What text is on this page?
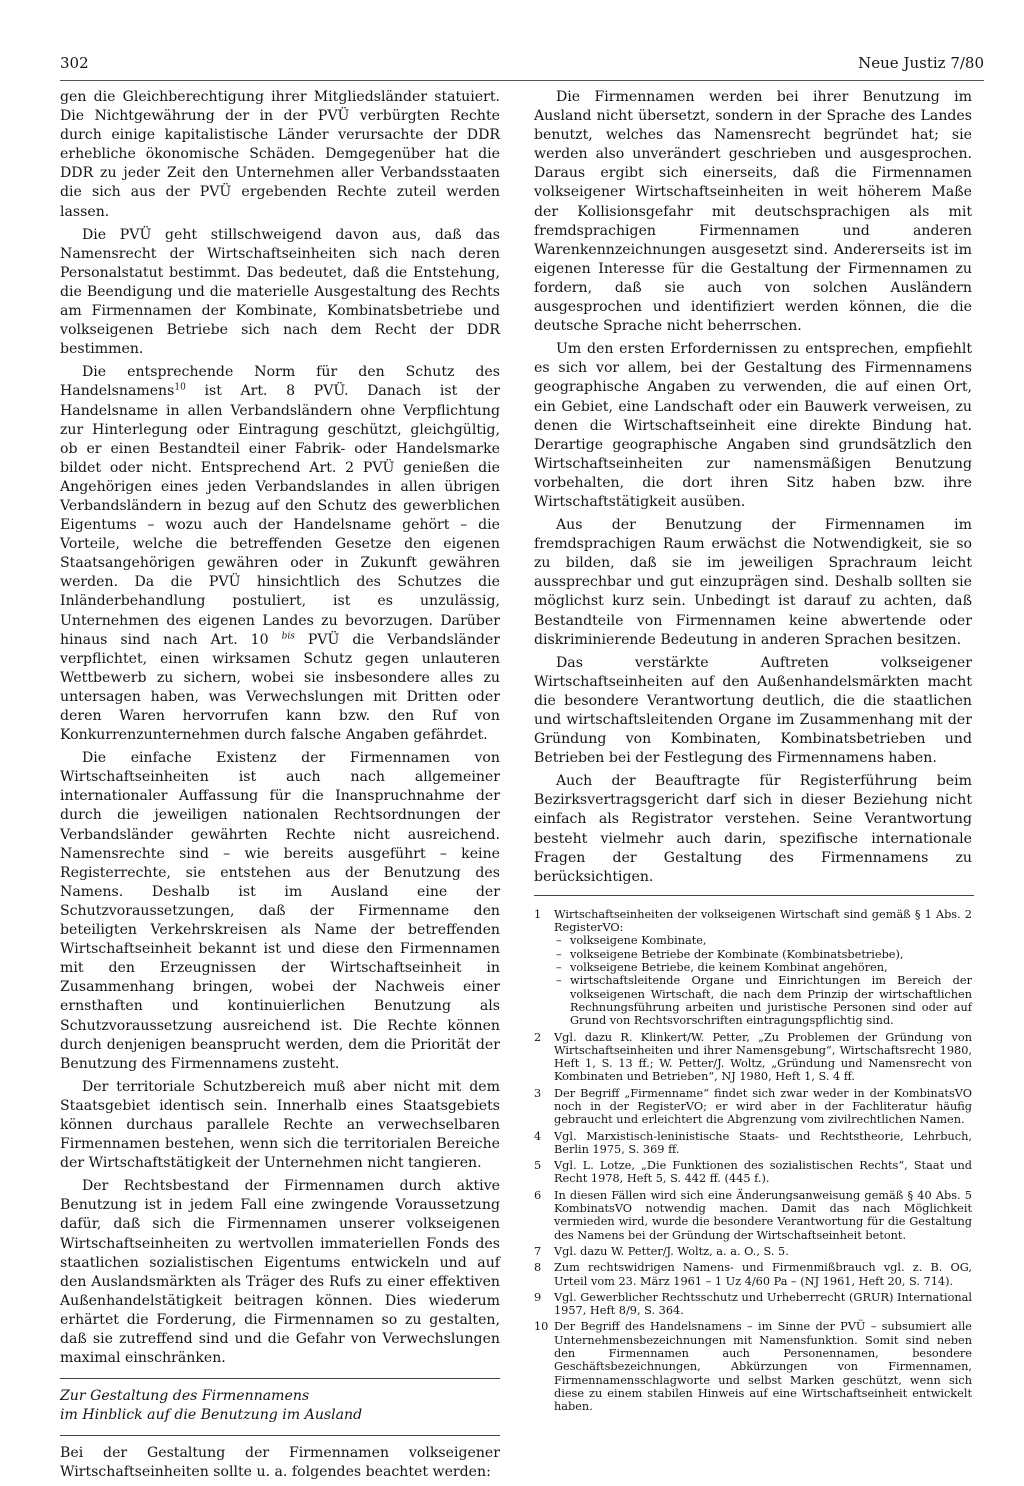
302	Neue Justiz 7/80

gen die Gleichberechtigung ihrer Mitgliedsländer statuiert. Die Nichtgewährung der in der PVÜ verbürgten Rechte durch einige kapitalistische Länder verursachte der DDR erhebliche ökonomische Schäden. Demgegenüber hat die DDR zu jeder Zeit den Unternehmen aller Verbandsstaaten die sich aus der PVÜ ergebenden Rechte zuteil werden lassen.

Die PVÜ geht stillschweigend davon aus, daß das Namensrecht der Wirtschaftseinheiten sich nach deren Personalstatut bestimmt. Das bedeutet, daß die Entstehung, die Beendigung und die materielle Ausgestaltung des Rechts am Firmennamen der Kombinate, Kombinatsbetriebe und volkseigenen Betriebe sich nach dem Recht der DDR bestimmen.

Die entsprechende Norm für den Schutz des Handelsnamens$^{10}$ ist Art. 8 PVÜ. Danach ist der Handelsname in allen Verbandsländern ohne Verpflichtung zur Hinterlegung oder Eintragung geschützt, gleichgültig, ob er einen Bestandteil einer Fabrik- oder Handelsmarke bildet oder nicht. Entsprechend Art. 2 PVÜ genießen die Angehörigen eines jeden Verbandslandes in allen übrigen Verbandsländern in bezug auf den Schutz des gewerblichen Eigentums – wozu auch der Handelsname gehört – die Vorteile, welche die betreffenden Gesetze den eigenen Staatsangehörigen gewähren oder in Zukunft gewähren werden. Da die PVÜ hinsichtlich des Schutzes die Inländerbehandlung postuliert, ist es unzulässig, Unternehmen des eigenen Landes zu bevorzugen. Darüber hinaus sind nach Art. 10 $^{bis}$ PVÜ die Verbandsländer verpflichtet, einen wirksamen Schutz gegen unlauteren Wettbewerb zu sichern, wobei sie insbesondere alles zu untersagen haben, was Verwechslungen mit Dritten oder deren Waren hervorrufen kann bzw. den Ruf von Konkurrenzunternehmen durch falsche Angaben gefährdet.

Die einfache Existenz der Firmennamen von Wirtschaftseinheiten ist auch nach allgemeiner internationaler Auffassung für die Inanspruchnahme der durch die jeweiligen nationalen Rechtsordnungen der Verbandsländer gewährten Rechte nicht ausreichend. Namensrechte sind – wie bereits ausgeführt – keine Registerrechte, sie entstehen aus der Benutzung des Namens. Deshalb ist im Ausland eine der Schutzvoraussetzungen, daß der Firmenname den beteiligten Verkehrskreisen als Name der betreffenden Wirtschaftseinheit bekannt ist und diese den Firmennamen mit den Erzeugnissen der Wirtschaftseinheit in Zusammenhang bringen, wobei der Nachweis einer ernsthaften und kontinuierlichen Benutzung als Schutzvoraussetzung ausreichend ist. Die Rechte können durch denjenigen beansprucht werden, dem die Priorität der Benutzung des Firmennamens zusteht.

Der territoriale Schutzbereich muß aber nicht mit dem Staatsgebiet identisch sein. Innerhalb eines Staatsgebiets können durchaus parallele Rechte an verwechselbaren Firmennamen bestehen, wenn sich die territorialen Bereiche der Wirtschaftstätigkeit der Unternehmen nicht tangieren.

Der Rechtsbestand der Firmennamen durch aktive Benutzung ist in jedem Fall eine zwingende Voraussetzung dafür, daß sich die Firmennamen unserer volkseigenen Wirtschaftseinheiten zu wertvollen immateriellen Fonds des staatlichen sozialistischen Eigentums entwickeln und auf den Auslandsmärkten als Träger des Rufs zu einer effektiven Außenhandelstätigkeit beitragen können. Dies wiederum erhärtet die Forderung, die Firmennamen so zu gestalten, daß sie zutreffend sind und die Gefahr von Verwechslungen maximal einschränken.

Zur Gestaltung des Firmennamens
im Hinblick auf die Benutzung im Ausland

Bei der Gestaltung der Firmennamen volkseigener Wirtschaftseinheiten sollte u. a. folgendes beachtet werden:

Die Firmennamen werden bei ihrer Benutzung im Ausland nicht übersetzt, sondern in der Sprache des Landes benutzt, welches das Namensrecht begründet hat; sie werden also unverändert geschrieben und ausgesprochen. Daraus ergibt sich einerseits, daß die Firmennamen volkseigener Wirtschaftseinheiten in weit höherem Maße der Kollisionsgefahr mit deutschsprachigen als mit fremdsprachigen Firmennamen und anderen Warenkennzeichnungen ausgesetzt sind. Andererseits ist im eigenen Interesse für die Gestaltung der Firmennamen zu fordern, daß sie auch von solchen Ausländern ausgesprochen und identifiziert werden können, die die deutsche Sprache nicht beherrschen.

Um den ersten Erfordernissen zu entsprechen, empfiehlt es sich vor allem, bei der Gestaltung des Firmennamens geographische Angaben zu verwenden, die auf einen Ort, ein Gebiet, eine Landschaft oder ein Bauwerk verweisen, zu denen die Wirtschaftseinheit eine direkte Bindung hat. Derartige geographische Angaben sind grundsätzlich den Wirtschaftseinheiten zur namensmäßigen Benutzung vorbehalten, die dort ihren Sitz haben bzw. ihre Wirtschaftstätigkeit ausüben.

Aus der Benutzung der Firmennamen im fremdsprachigen Raum erwächst die Notwendigkeit, sie so zu bilden, daß sie im jeweiligen Sprachraum leicht aussprechbar und gut einzuprägen sind. Deshalb sollten sie möglichst kurz sein. Unbedingt ist darauf zu achten, daß Bestandteile von Firmennamen keine abwertende oder diskriminierende Bedeutung in anderen Sprachen besitzen.

Das verstärkte Auftreten volkseigener Wirtschaftseinheiten auf den Außenhandelsmärkten macht die besondere Verantwortung deutlich, die die staatlichen und wirtschaftsleitenden Organe im Zusammenhang mit der Gründung von Kombinaten, Kombinatsbetrieben und Betrieben bei der Festlegung des Firmennamens haben.

Auch der Beauftragte für Registerführung beim Bezirksvertragsgericht darf sich in dieser Beziehung nicht einfach als Registrator verstehen. Seine Verantwortung besteht vielmehr auch darin, spezifische internationale Fragen der Gestaltung des Firmennamens zu berücksichtigen.

1	Wirtschaftseinheiten der volkseigenen Wirtschaft sind gemäß § 1 Abs. 2 RegisterVO:
– volkseigene Kombinate,
– volkseigene Betriebe der Kombinate (Kombinatsbetriebe),
– volkseigene Betriebe, die keinem Kombinat angehören,
– wirtschaftsleitende Organe und Einrichtungen im Bereich der volkseigenen Wirtschaft, die nach dem Prinzip der wirtschaftlichen Rechnungsführung arbeiten und juristische Personen sind oder auf Grund von Rechtsvorschriften eintragungspflichtig sind.
2	Vgl. dazu R. Klinkert/W. Petter, „Zu Problemen der Gründung von Wirtschaftseinheiten und ihrer Namensgebung“, Wirtschaftsrecht 1980, Heft 1, S. 13 ff.; W. Petter/J. Woltz, „Gründung und Namensrecht von Kombinaten und Betrieben“, NJ 1980, Heft 1, S. 4 ff.
3	Der Begriff „Firmenname“ findet sich zwar weder in der KombinatsVO noch in der RegisterVO; er wird aber in der Fachliteratur häufig gebraucht und erleichtert die Abgrenzung vom zivilrechtlichen Namen.
4	Vgl. Marxistisch-leninistische Staats- und Rechtstheorie, Lehrbuch, Berlin 1975, S. 369 ff.
5	Vgl. L. Lotze, „Die Funktionen des sozialistischen Rechts“, Staat und Recht 1978, Heft 5, S. 442 ff. (445 f.).
6	In diesen Fällen wird sich eine Änderungsanweisung gemäß § 40 Abs. 5 KombinatsVO notwendig machen. Damit das nach Möglichkeit vermieden wird, wurde die besondere Verantwortung für die Gestaltung des Namens bei der Gründung der Wirtschaftseinheit betont.
7	Vgl. dazu W. Petter/J. Woltz, a. a. O., S. 5.
8	Zum rechtswidrigen Namens- und Firmenmißbrauch vgl. z. B. OG, Urteil vom 23. März 1961 – 1 Uz 4/60 Pa – (NJ 1961, Heft 20, S. 714).
9	Vgl. Gewerblicher Rechtsschutz und Urheberrecht (GRUR) International 1957, Heft 8/9, S. 364.
10 Der Begriff des Handelsnamens – im Sinne der PVÜ – subsumiert alle Unternehmensbezeichnungen mit Namensfunktion. Somit sind neben den Firmennamen auch Personennamen, besondere Geschäftsbezeichnungen, Abkürzungen von Firmennamen, Firmennamensschlagworte und selbst Marken geschützt, wenn sich diese zu einem stabilen Hinweis auf eine Wirtschaftseinheit entwickelt haben.
